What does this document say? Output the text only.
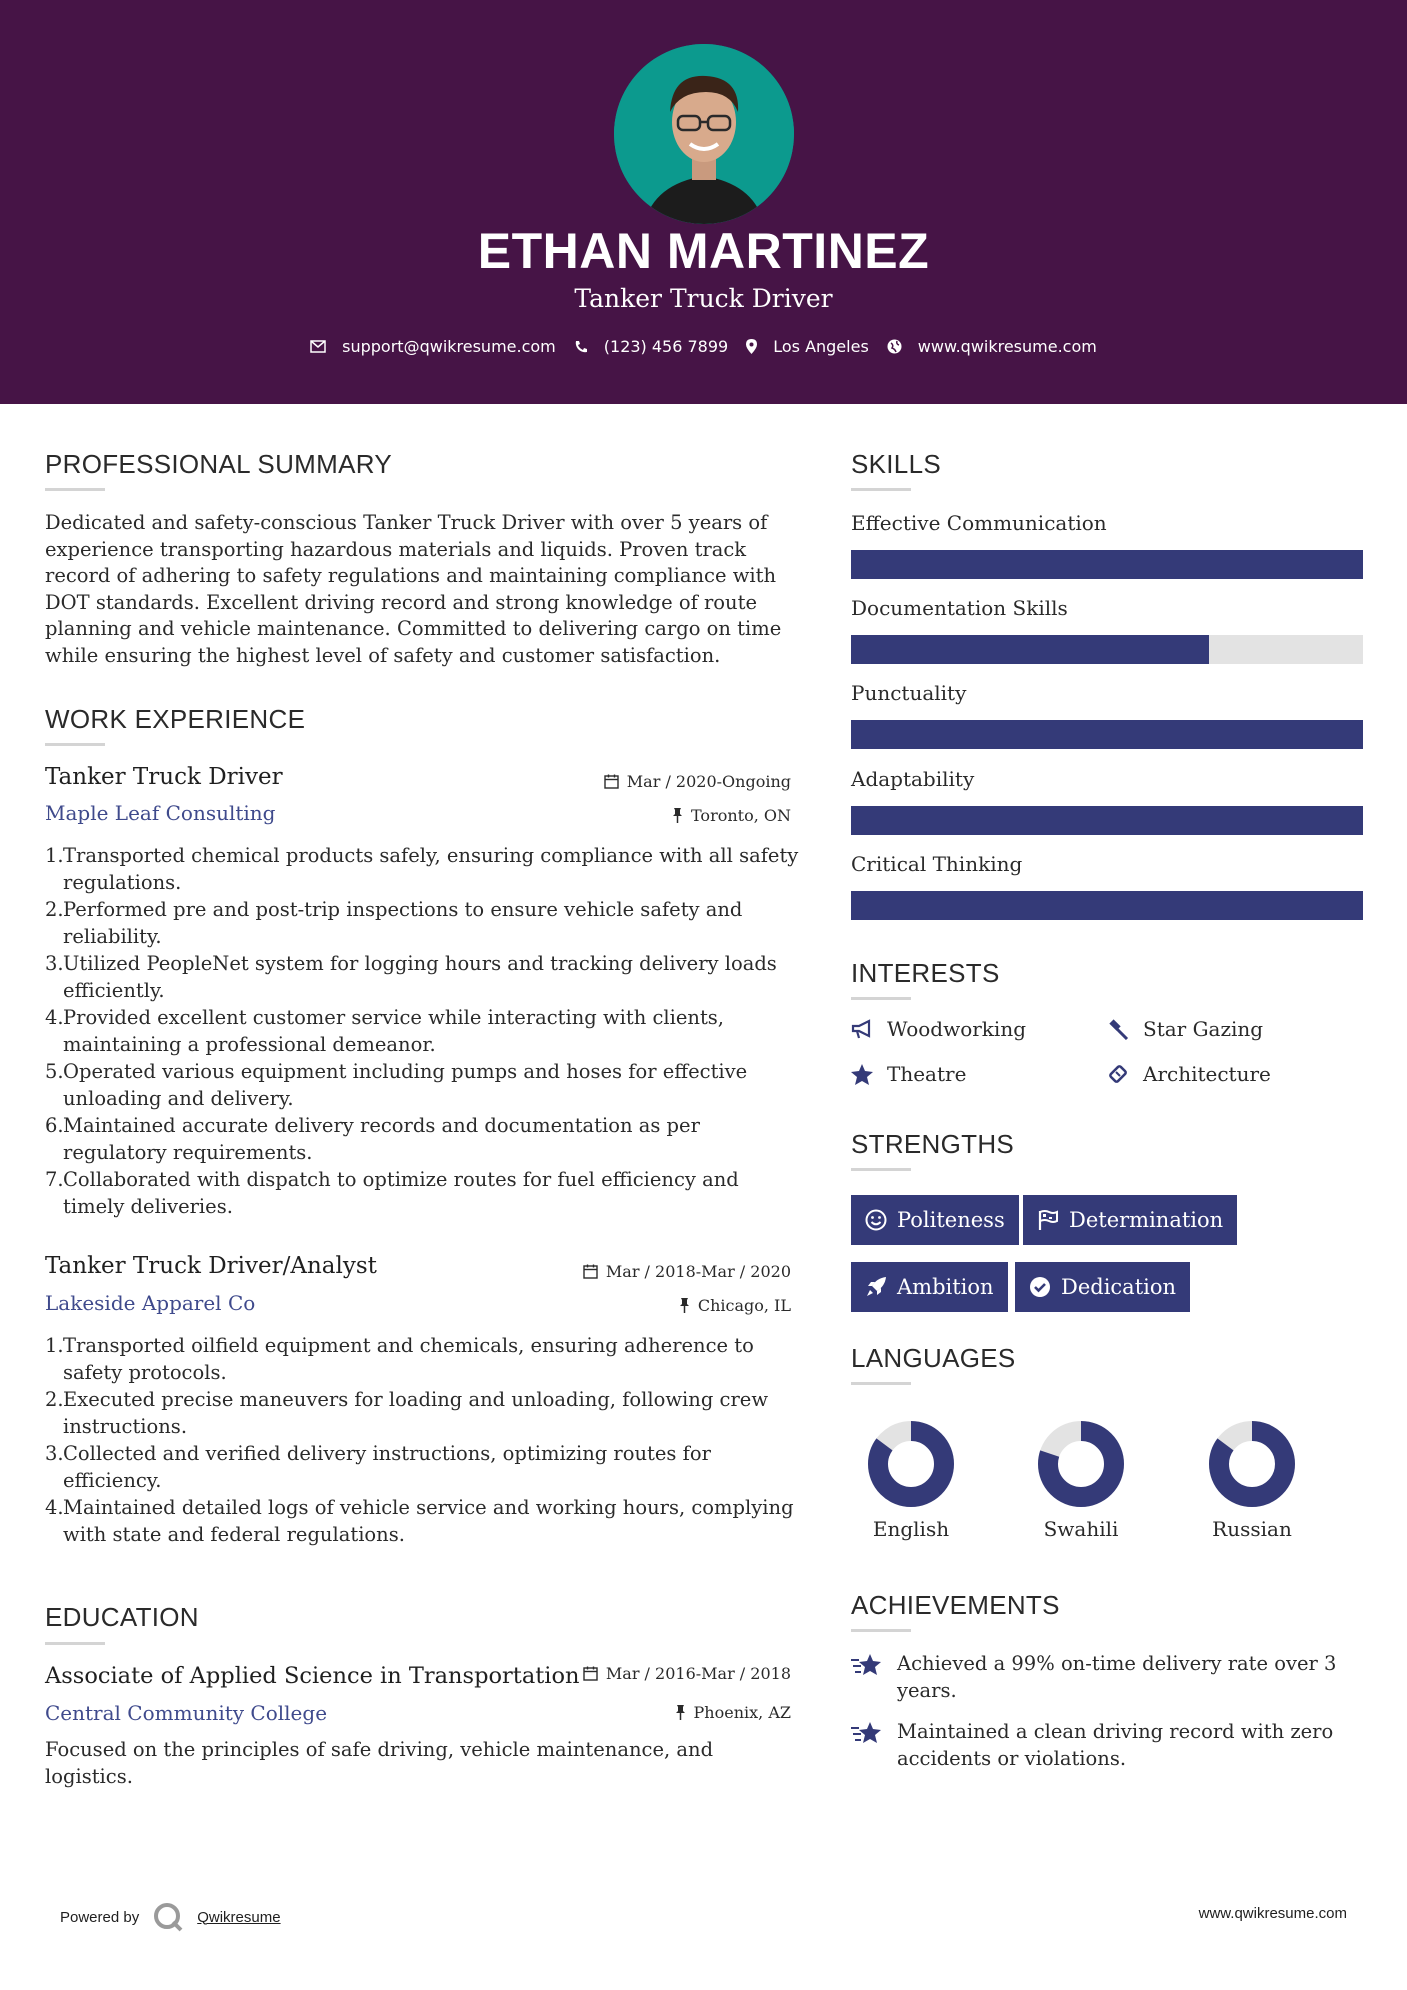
ETHAN MARTINEZ
Tanker Truck Driver
support@qwikresume.com	(123) 456 7899	Los Angeles	www.qwikresume.com
PROFESSIONAL SUMMARY
Dedicated and safety-conscious Tanker Truck Driver with over 5 years of experience transporting hazardous materials and liquids. Proven track record of adhering to safety regulations and maintaining compliance with DOT standards. Excellent driving record and strong knowledge of route planning and vehicle maintenance. Committed to delivering cargo on time while ensuring the highest level of safety and customer satisfaction.
WORK EXPERIENCE
Tanker Truck Driver	Mar / 2020-Ongoing
Maple Leaf Consulting	Toronto, ON
1. Transported chemical products safely, ensuring compliance with all safety regulations.
2. Performed pre and post-trip inspections to ensure vehicle safety and reliability.
3. Utilized PeopleNet system for logging hours and tracking delivery loads efficiently.
4. Provided excellent customer service while interacting with clients, maintaining a professional demeanor.
5. Operated various equipment including pumps and hoses for effective unloading and delivery.
6. Maintained accurate delivery records and documentation as per regulatory requirements.
7. Collaborated with dispatch to optimize routes for fuel efficiency and timely deliveries.
Tanker Truck Driver/Analyst	Mar / 2018-Mar / 2020
Lakeside Apparel Co	Chicago, IL
1. Transported oilfield equipment and chemicals, ensuring adherence to safety protocols.
2. Executed precise maneuvers for loading and unloading, following crew instructions.
3. Collected and verified delivery instructions, optimizing routes for efficiency.
4. Maintained detailed logs of vehicle service and working hours, complying with state and federal regulations.
EDUCATION
Associate of Applied Science in Transportation Mar / 2016-Mar / 2018
Central Community College	Phoenix, AZ
Focused on the principles of safe driving, vehicle maintenance, and logistics.
SKILLS
Effective Communication
Documentation Skills
Punctuality
Adaptability
Critical Thinking
INTERESTS
Woodworking	Star Gazing
Theatre	Architecture
STRENGTHS
Politeness	Determination
Ambition	Dedication
LANGUAGES
English	Swahili	Russian
ACHIEVEMENTS
Achieved a 99% on-time delivery rate over 3 years.
Maintained a clean driving record with zero accidents or violations.
Powered by	Qwikresume	www.qwikresume.com
